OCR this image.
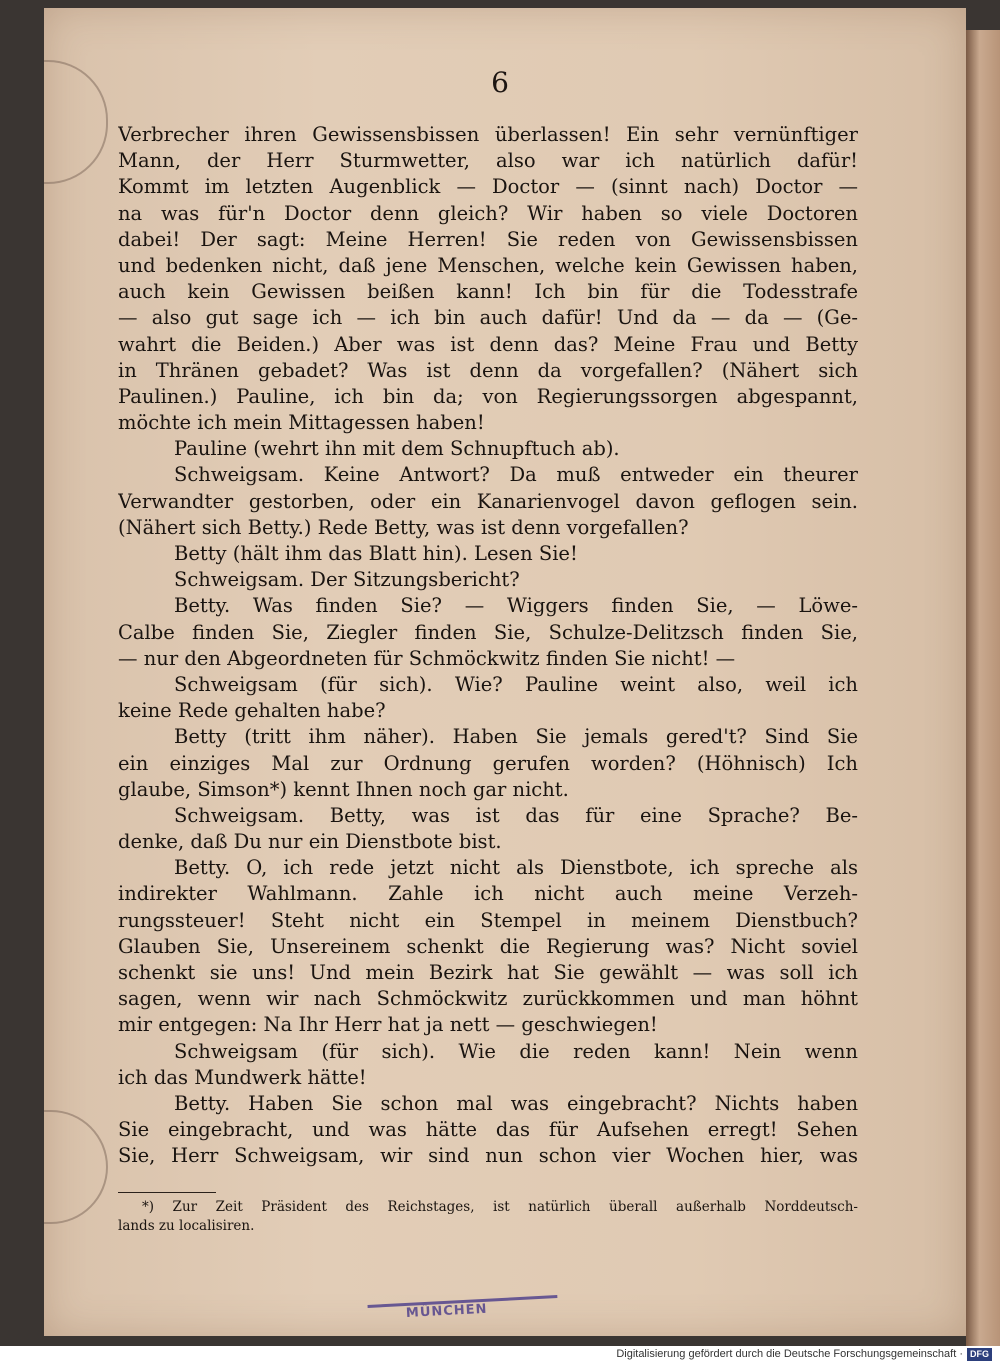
6
Verbrecher ihren Gewissensbissen überlassen! Ein sehr vernünftiger
Mann, der Herr Sturmwetter, also war ich natürlich dafür!
Kommt im letzten Augenblick — Doctor — (sinnt nach) Doctor —
na was für'n Doctor denn gleich? Wir haben so viele Doctoren
dabei! Der sagt: Meine Herren! Sie reden von Gewissensbissen
und bedenken nicht, daß jene Menschen, welche kein Gewissen haben,
auch kein Gewissen beißen kann! Ich bin für die Todesstrafe
— also gut sage ich — ich bin auch dafür! Und da — da — (Ge-
wahrt die Beiden.) Aber was ist denn das? Meine Frau und Betty
in Thränen gebadet? Was ist denn da vorgefallen? (Nähert sich
Paulinen.) Pauline, ich bin da; von Regierungssorgen abgespannt,
möchte ich mein Mittagessen haben!
Pauline (wehrt ihn mit dem Schnupftuch ab).
Schweigsam. Keine Antwort? Da muß entweder ein theurer
Verwandter gestorben, oder ein Kanarienvogel davon geflogen sein.
(Nähert sich Betty.) Rede Betty, was ist denn vorgefallen?
Betty (hält ihm das Blatt hin). Lesen Sie!
Schweigsam. Der Sitzungsbericht?
Betty. Was finden Sie? — Wiggers finden Sie, — Löwe-
Calbe finden Sie, Ziegler finden Sie, Schulze-Delitzsch finden Sie,
— nur den Abgeordneten für Schmöckwitz finden Sie nicht! —
Schweigsam (für sich). Wie? Pauline weint also, weil ich
keine Rede gehalten habe?
Betty (tritt ihm näher). Haben Sie jemals gered't? Sind Sie
ein einziges Mal zur Ordnung gerufen worden? (Höhnisch) Ich
glaube, Simson*) kennt Ihnen noch gar nicht.
Schweigsam. Betty, was ist das für eine Sprache? Be-
denke, daß Du nur ein Dienstbote bist.
Betty. O, ich rede jetzt nicht als Dienstbote, ich spreche als
indirekter Wahlmann. Zahle ich nicht auch meine Verzeh-
rungssteuer! Steht nicht ein Stempel in meinem Dienstbuch?
Glauben Sie, Unsereinem schenkt die Regierung was? Nicht soviel
schenkt sie uns! Und mein Bezirk hat Sie gewählt — was soll ich
sagen, wenn wir nach Schmöckwitz zurückkommen und man höhnt
mir entgegen: Na Ihr Herr hat ja nett — geschwiegen!
Schweigsam (für sich). Wie die reden kann! Nein wenn
ich das Mundwerk hätte!
Betty. Haben Sie schon mal was eingebracht? Nichts haben
Sie eingebracht, und was hätte das für Aufsehen erregt! Sehen
Sie, Herr Schweigsam, wir sind nun schon vier Wochen hier, was
*) Zur Zeit Präsident des Reichstages, ist natürlich überall außerhalb Norddeutsch-
lands zu localisiren.
MÜNCHEN
Digitalisierung gefördert durch die Deutsche Forschungsgemeinschaft · DFG
